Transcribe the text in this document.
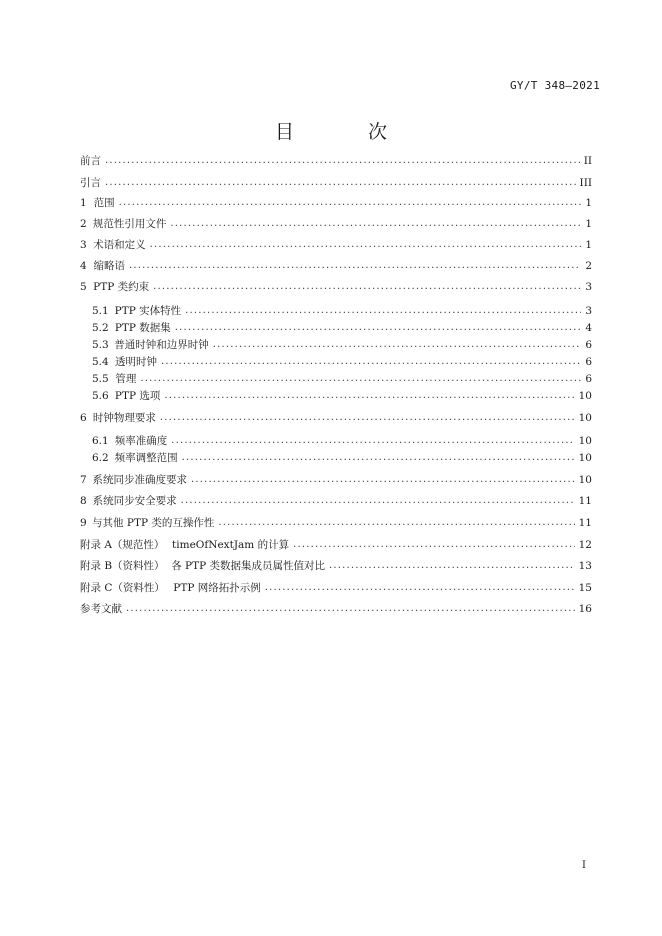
GY/T 348—2021
目 次
前言 .....	II
引言 .....	III
1 范围 .....	1
2 规范性引用文件 .....	1
3 术语和定义 .....	1
4 缩略语 .....	2
5 PTP 类约束 .....	3
5.1 PTP 实体特性 .....	3
5.2 PTP 数据集 .....	4
5.3 普通时钟和边界时钟 .....	6
5.4 透明时钟 .....	6
5.5 管理 .....	6
5.6 PTP 选项 .....	10
6 时钟物理要求 .....	10
6.1 频率准确度 .....	10
6.2 频率调整范围 .....	10
7 系统同步准确度要求 .....	10
8 系统同步安全要求 .....	11
9 与其他 PTP 类的互操作性 .....	11
附录 A（规范性） timeOfNextJam 的计算 .....	12
附录 B（资料性） 各 PTP 类数据集成员属性值对比 .....	13
附录 C（资料性） PTP 网络拓扑示例 .....	15
参考文献 .....	16
I
